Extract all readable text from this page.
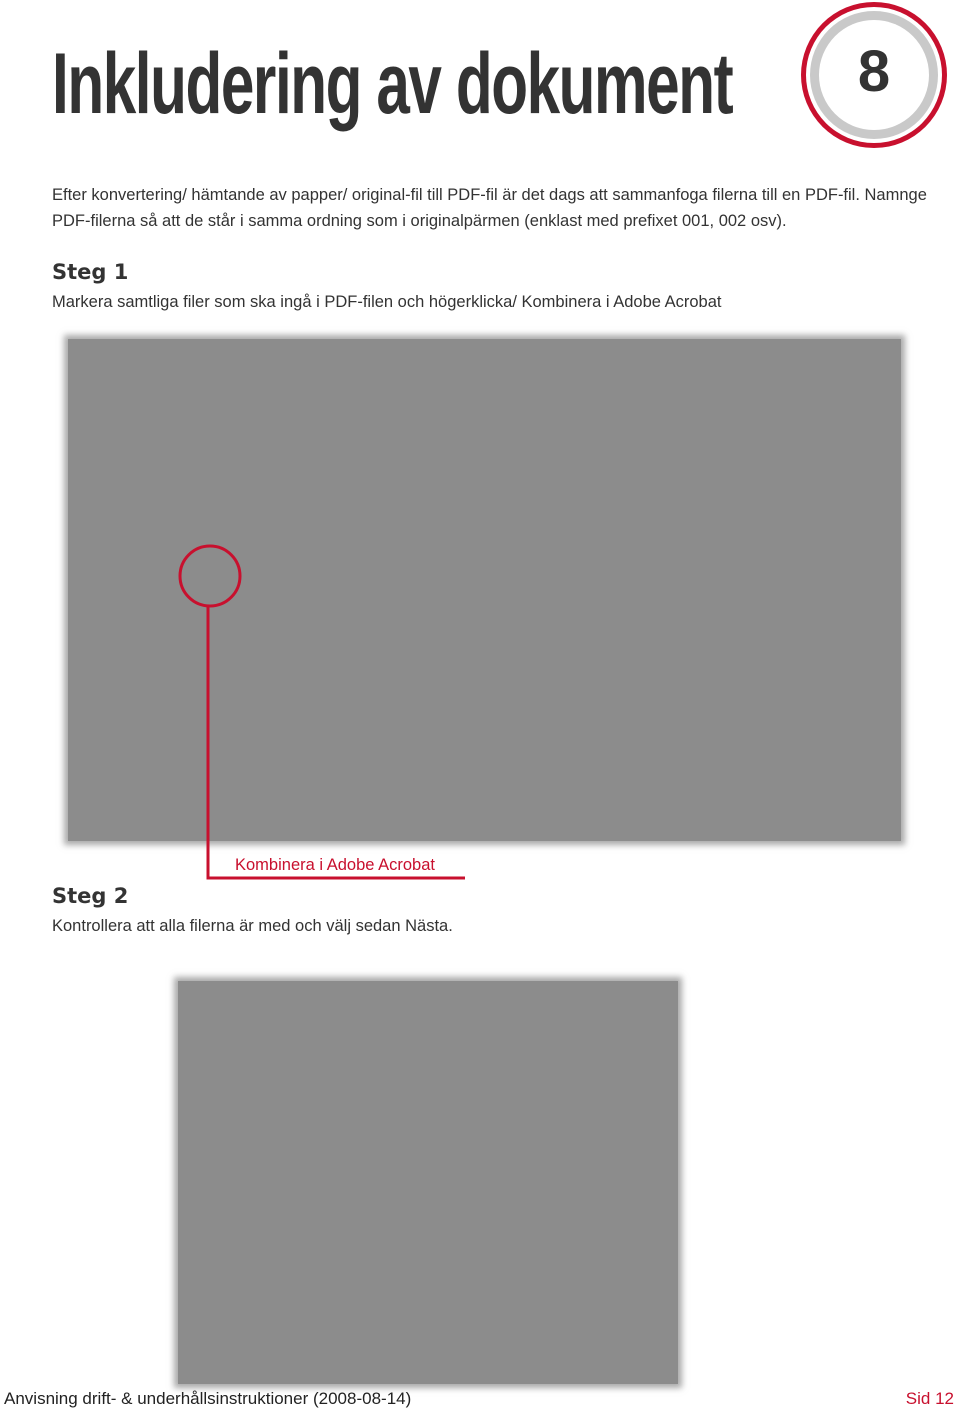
Inkludering av dokument	8

Efter konvertering/ hämtande av papper/ original-fil till PDF-fil är det dags att sammanfoga filerna till en PDF-fil. Namnge PDF-filerna så att de står i samma ordning som i originalpärmen (enklast med prefixet 001, 002 osv).

Steg 1

Markera samtliga filer som ska ingå i PDF-filen och högerklicka/ Kombinera i Adobe Acrobat

Kombinera i Adobe Acrobat

Steg 2

Kontrollera att alla filerna är med och välj sedan Nästa.

Anvisning drift- & underhållsinstruktioner (2008-08-14)	Sid 12
